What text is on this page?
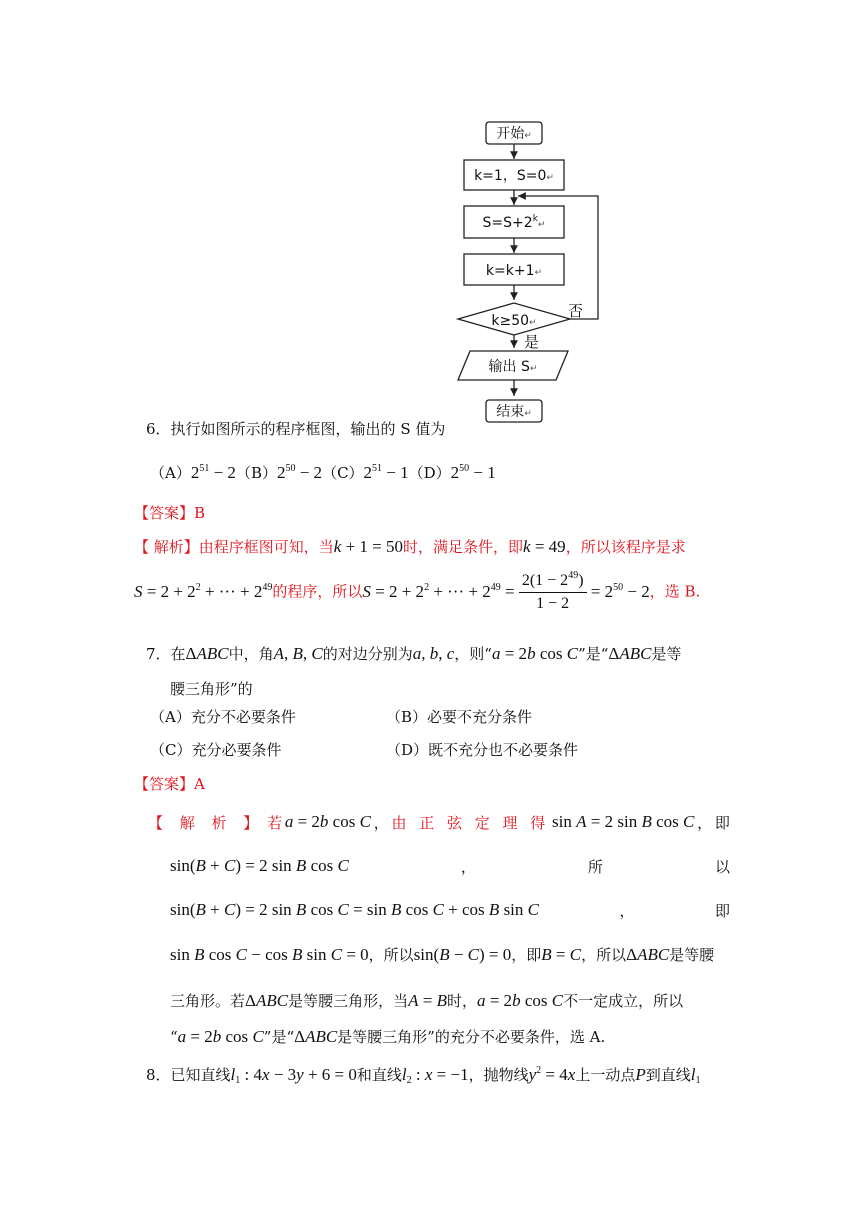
开始↵
k=1，S=0↵
$S=S+2^k_↵$
k=k+1↵
k≥50↵
否
是
输出 S↵
结束↵
6．执行如图所示的程序框图，输出的 S 值为
$(A)2^{51} - 2(B)2^{50} - 2(C)2^{51} - 1(D)2^{50} - 1$
【答案】B
【 解析】由程序框图可知，当k + 1 = 50时，满足条件，即k = 49，所以该程序是求
$S = 2 + 2^2$ + ··· + $2^{49}$的程序，所以$S = 2 + 2^2$ + ··· + $2^{49} = \frac{2(1 - 2^{49})}{1 - 2} = 2^{50} - 2$，选 B.
7．在ΔABC中，角A, B, C的对边分别为a, b, c，则“a = 2b cos C”是“ΔABC是等
腰三角形”的
（A）充分不必要条件	（B）必要不充分条件
（C）充分必要条件	（D）既不充分也不必要条件
【答案】A
【 解 析 】 若 a = 2b cos C ， 由 正 弦 定 理 得 sin A = 2 sin B cos C ， 即
sin(B + C) = 2 sin B cos C	，	所	以
sin(B + C) = 2 sin B cos C = sin B cos C + cos B sin C	，	即
sin B cos C − cos B sin C = 0，所以sin(B − C) = 0，即B = C，所以ΔABC是等腰
三角形。若ΔABC是等腰三角形，当A = B时，a = 2b cos C不一定成立，所以
“a = 2b cos C”是“ΔABC是等腰三角形”的充分不必要条件，选 A.
8．已知直线$l_1$ : 4x − 3y + 6 = 0和直线$l_2$ : x = −1，抛物线$y^2 = 4x$上一动点P到直线$l_1$
